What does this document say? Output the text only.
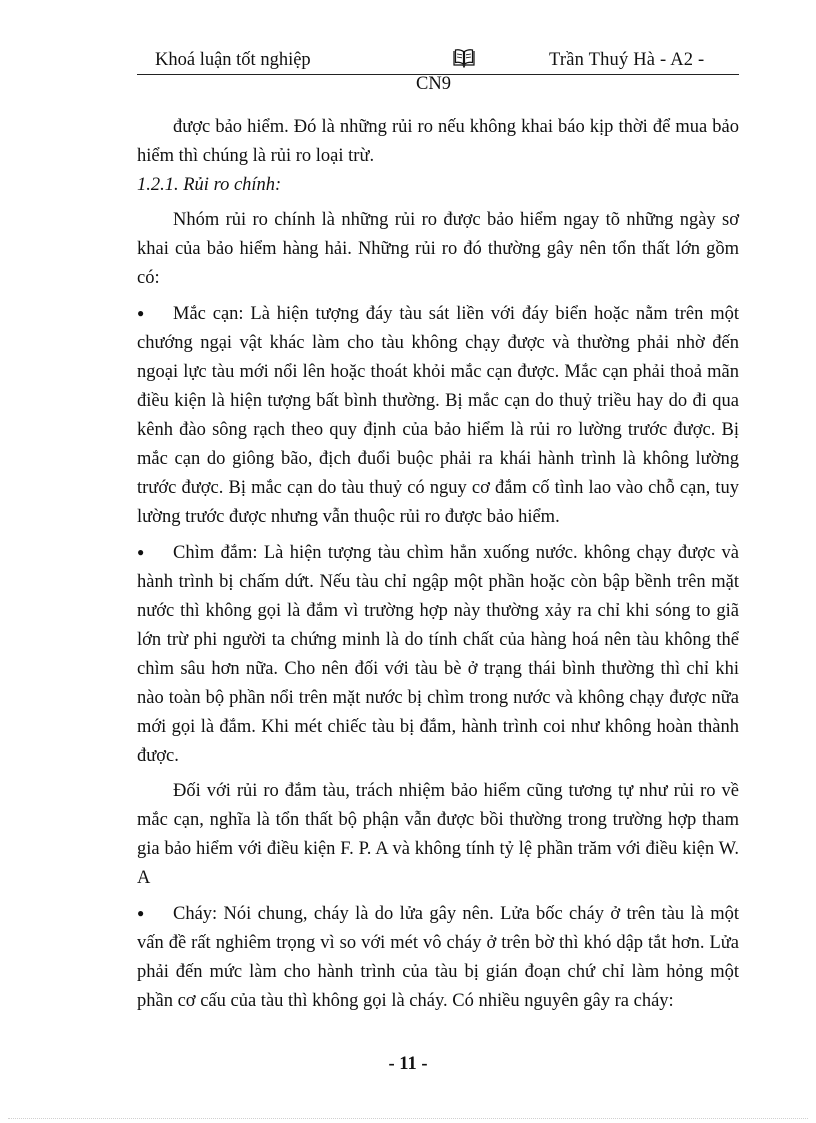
Khoá luận tốt nghiệp	Trần Thuý Hà - A2 -
CN9

được bảo hiểm. Đó là những rủi ro nếu không khai báo kịp thời để mua bảo hiểm thì chúng là rủi ro loại trừ.

1.2.1. Rủi ro chính:

Nhóm rủi ro chính là những rủi ro được bảo hiểm ngay tõ những ngày sơ khai của bảo hiểm hàng hải. Những rủi ro đó thường gây nên tổn thất lớn gồm có:

● Mắc cạn: Là hiện tượng đáy tàu sát liền với đáy biển hoặc nằm trên một chướng ngại vật khác làm cho tàu không chạy được và thường phải nhờ đến ngoại lực tàu mới nổi lên hoặc thoát khỏi mắc cạn được. Mắc cạn phải thoả mãn điều kiện là hiện tượng bất bình thường. Bị mắc cạn do thuỷ triều hay do đi qua kênh đào sông rạch theo quy định của bảo hiểm là rủi ro lường trước được. Bị mắc cạn do giông bão, địch đuổi buộc phải ra khái hành trình là không lường trước được. Bị mắc cạn do tàu thuỷ có nguy cơ đắm cố tình lao vào chỗ cạn, tuy lường trước được nhưng vẫn thuộc rủi ro được bảo hiểm.

● Chìm đắm: Là hiện tượng tàu chìm hẳn xuống nước. không chạy được và hành trình bị chấm dứt. Nếu tàu chỉ ngập một phần hoặc còn bập bềnh trên mặt nước thì không gọi là đắm vì trường hợp này thường xảy ra chỉ khi sóng to giã lớn trừ phi người ta chứng minh là do tính chất của hàng hoá nên tàu không thể chìm sâu hơn nữa. Cho nên đối với tàu bè ở trạng thái bình thường thì chỉ khi nào toàn bộ phần nổi trên mặt nước bị chìm trong nước và không chạy được nữa mới gọi là đắm. Khi mét chiếc tàu bị đắm, hành trình coi như không hoàn thành được.

Đối với rủi ro đắm tàu, trách nhiệm bảo hiểm cũng tương tự như rủi ro về mắc cạn, nghĩa là tổn thất bộ phận vẫn được bồi thường trong trường hợp tham gia bảo hiểm với điều kiện F. P. A và không tính tỷ lệ phần trăm với điều kiện W. A

● Cháy: Nói chung, cháy là do lửa gây nên. Lửa bốc cháy ở trên tàu là một vấn đề rất nghiêm trọng vì so với mét vô cháy ở trên bờ thì khó dập tắt hơn. Lửa phải đến mức làm cho hành trình của tàu bị gián đoạn chứ chỉ làm hỏng một phần cơ cấu của tàu thì không gọi là cháy. Có nhiều nguyên gây ra cháy:

- 11 -
